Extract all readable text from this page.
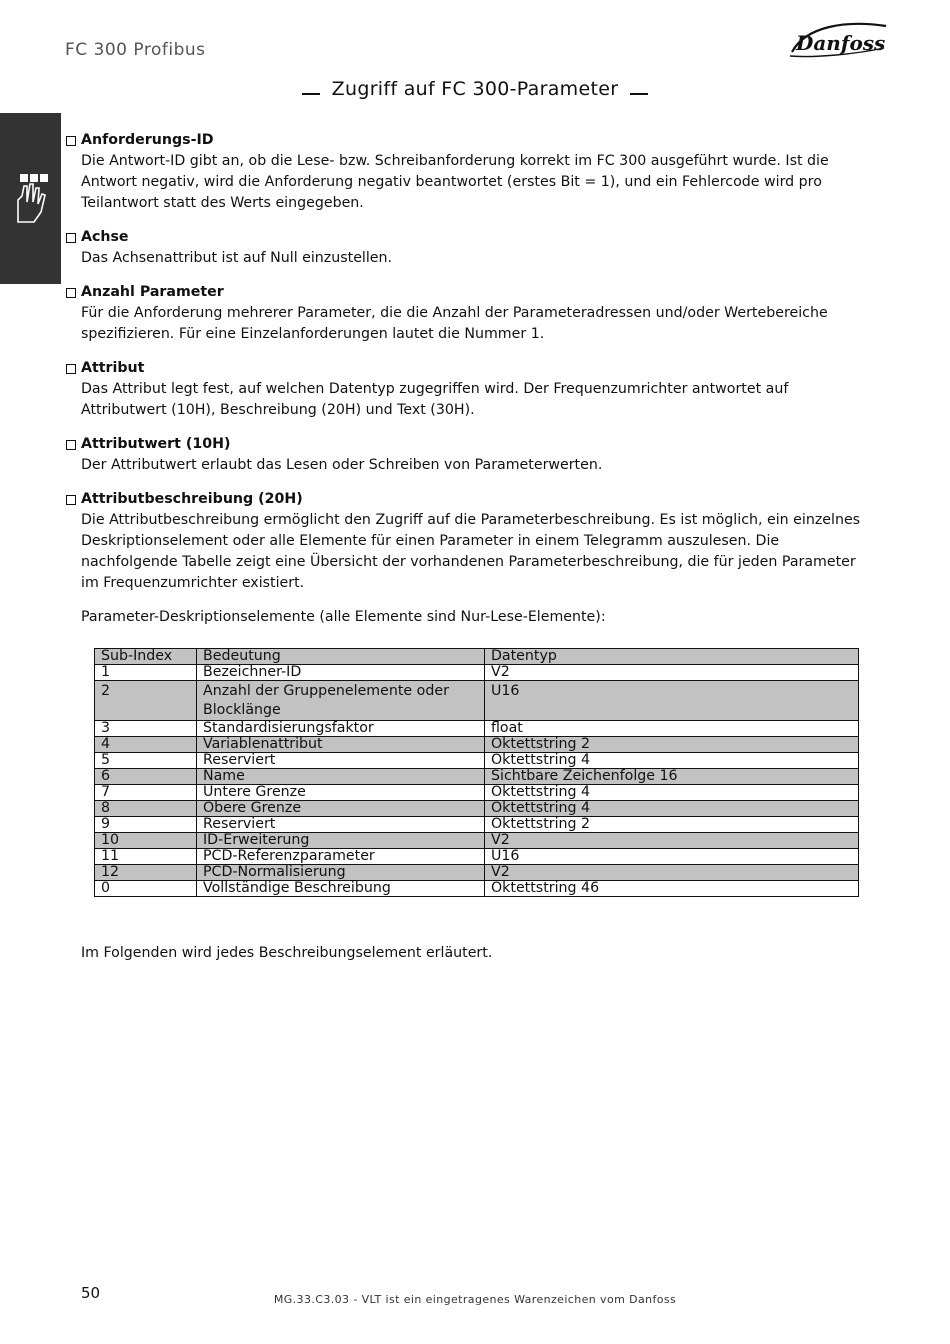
FC 300 Profibus	Danfoss
Zugriff auf FC 300-Parameter
Anforderungs-ID

Die Antwort-ID gibt an, ob die Lese- bzw. Schreibanforderung korrekt im FC 300 ausgeführt wurde. Ist die Antwort negativ, wird die Anforderung negativ beantwortet (erstes Bit = 1), und ein Fehlercode wird pro Teilantwort statt des Werts eingegeben.

Achse

Das Achsenattribut ist auf Null einzustellen.

Anzahl Parameter

Für die Anforderung mehrerer Parameter, die die Anzahl der Parameteradressen und/oder Wertebereiche spezifizieren. Für eine Einzelanforderungen lautet die Nummer 1.

Attribut

Das Attribut legt fest, auf welchen Datentyp zugegriffen wird. Der Frequenzumrichter antwortet auf Attributwert (10H), Beschreibung (20H) und Text (30H).

Attributwert (10H)

Der Attributwert erlaubt das Lesen oder Schreiben von Parameterwerten.

Attributbeschreibung (20H)

Die Attributbeschreibung ermöglicht den Zugriff auf die Parameterbeschreibung. Es ist möglich, ein einzelnes Deskriptionselement oder alle Elemente für einen Parameter in einem Telegramm auszulesen. Die nachfolgende Tabelle zeigt eine Übersicht der vorhandenen Parameterbeschreibung, die für jeden Parameter im Frequenzumrichter existiert.

Parameter-Deskriptionselemente (alle Elemente sind Nur-Lese-Elemente):

Sub-Index	Bedeutung	Datentyp
1	Bezeichner-ID	V2
2	Anzahl der Gruppenelemente oder Blocklänge	U16
3	Standardisierungsfaktor	float
4	Variablenattribut	Oktettstring 2
5	Reserviert	Oktettstring 4
6	Name	Sichtbare Zeichenfolge 16
7	Untere Grenze	Oktettstring 4
8	Obere Grenze	Oktettstring 4
9	Reserviert	Oktettstring 2
10	ID-Erweiterung	V2
11	PCD-Referenzparameter	U16
12	PCD-Normalisierung	V2
0	Vollständige Beschreibung	Oktettstring 46

Im Folgenden wird jedes Beschreibungselement erläutert.

50	MG.33.C3.03 - VLT ist ein eingetragenes Warenzeichen vom Danfoss
